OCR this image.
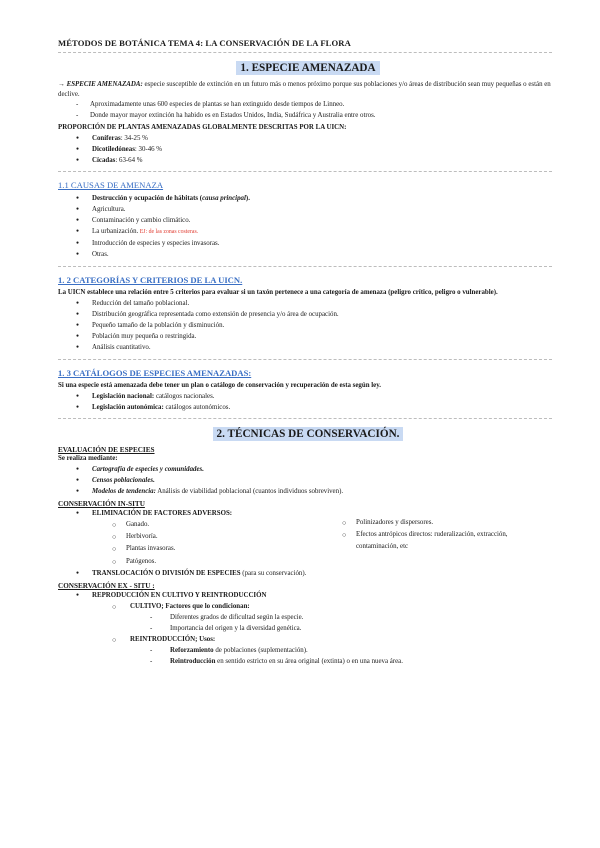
MÉTODOS DE BOTÁNICA TEMA 4: LA CONSERVACIÓN DE LA FLORA
1. ESPECIE AMENAZADA
→ ESPECIE AMENAZADA: especie susceptible de extinción en un futuro más o menos próximo porque sus poblaciones y/o áreas de distribución sean muy pequeñas o están en declive.
- Aproximadamente unas 600 especies de plantas se han extinguido desde tiempos de Linneo.
- Donde mayor mayor extinción ha habido es en Estados Unidos, India, Sudáfrica y Australia entre otros.
PROPORCIÓN DE PLANTAS AMENAZADAS GLOBALMENTE DESCRITAS POR LA UICN:
● Coníferas: 34-25 %
● Dicotiledóneas: 30-46 %
● Cícadas: 63-64 %
1.1 CAUSAS DE AMENAZA
● Destrucción y ocupación de hábitats (causa principal).
● Agricultura.
● Contaminación y cambio climático.
● La urbanización. EJ: de las zonas costeras.
● Introducción de especies y especies invasoras.
● Otras.
1. 2 CATEGORÍAS Y CRITERIOS DE LA UICN.
La UICN establece una relación entre 5 criterios para evaluar si un taxón pertenece a una categoría de amenaza (peligro crítico, peligro o vulnerable).
● Reducción del tamaño poblacional.
● Distribución geográfica representada como extensión de presencia y/o área de ocupación.
● Pequeño tamaño de la población y disminución.
● Población muy pequeña o restringida.
● Análisis cuantitativo.
1. 3 CATÁLOGOS DE ESPECIES AMENAZADAS:
Si una especie está amenazada debe tener un plan o catálogo de conservación y recuperación de esta según ley.
● Legislación nacional: catálogos nacionales.
● Legislación autonómica: catálogos autonómicos.
2. TÉCNICAS DE CONSERVACIÓN.
EVALUACIÓN DE ESPECIES
Se realiza mediante:
● Cartografía de especies y comunidades.
● Censos poblacionales.
● Modelos de tendencia: Análisis de viabilidad poblacional (cuantos individuos sobreviven).
CONSERVACIÓN IN-SITU
● ELIMINACIÓN DE FACTORES ADVERSOS:
○ Ganado.
○ Herbivoría.
○ Plantas invasoras.
○ Patógenos.
○ Polinizadores y dispersores.
○ Efectos antrópicos directos: ruderalización, extracción, contaminación, etc
● TRANSLOCACIÓN O DIVISIÓN DE ESPECIES (para su conservación).
CONSERVACIÓN EX - SITU :
● REPRODUCCIÓN EN CULTIVO Y REINTRODUCCIÓN
○ CULTIVO; Factores que lo condicionan:
- Diferentes grados de dificultad según la especie.
- Importancia del origen y la diversidad genética.
○ REINTRODUCCIÓN; Usos:
- Reforzamiento de poblaciones (suplementación).
- Reintroducción en sentido estricto en su área original (extinta) o en una nueva área.
